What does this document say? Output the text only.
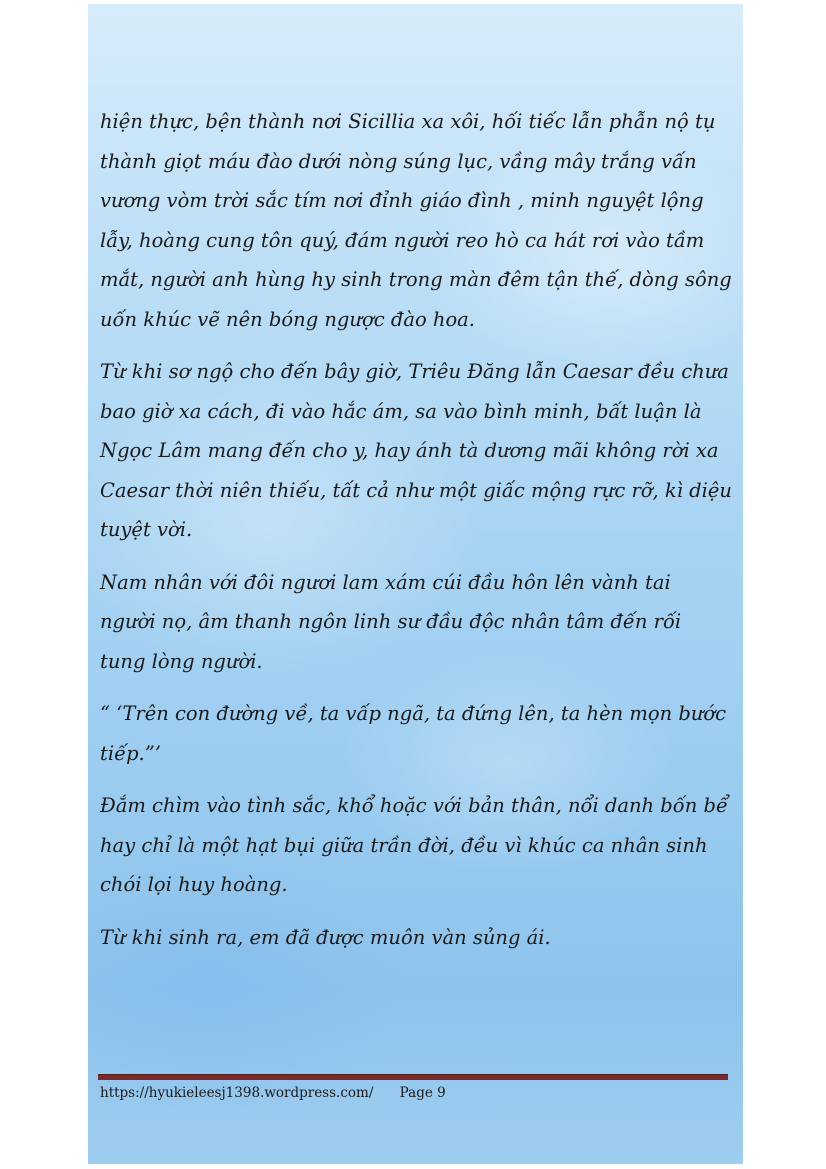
hiện thực, bện thành nơi Sicillia xa xôi, hối tiếc lẫn phẫn nộ tụ thành giọt máu đào dưới nòng súng lục, vầng mây trắng vấn vương vòm trời sắc tím nơi đỉnh giáo đình , minh nguyệt lộng lẫy, hoàng cung tôn quý, đám người reo hò ca hát rơi vào tầm mắt, người anh hùng hy sinh trong màn đêm tận thế, dòng sông uốn khúc vẽ nên bóng ngược đào hoa.

Từ khi sơ ngộ cho đến bây giờ, Triêu Đăng lẫn Caesar đều chưa bao giờ xa cách, đi vào hắc ám, sa vào bình minh, bất luận là Ngọc Lâm mang đến cho y, hay ánh tà dương mãi không rời xa Caesar thời niên thiếu, tất cả như một giấc mộng rực rỡ, kì diệu tuyệt vời.

Nam nhân với đôi ngươi lam xám cúi đầu hôn lên vành tai người nọ, âm thanh ngôn linh sư đầu độc nhân tâm đến rối tung lòng người.

“ ‘Trên con đường về, ta vấp ngã, ta đứng lên, ta hèn mọn bước tiếp.”’

Đắm chìm vào tình sắc, khổ hoặc với bản thân, nổi danh bốn bể hay chỉ là một hạt bụi giữa trần đời, đều vì khúc ca nhân sinh chói lọi huy hoàng.

Từ khi sinh ra, em đã được muôn vàn sủng ái.

https://hyukieleesj1398.wordpress.com/ Page 9
